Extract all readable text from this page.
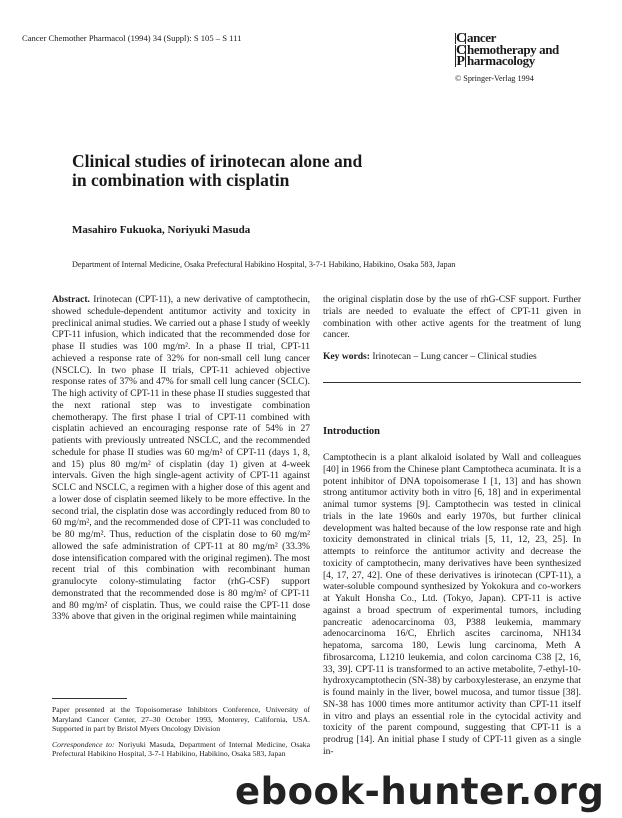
Cancer Chemother Pharmacol (1994) 34 (Suppl): S 105 – S 111	Cancer
Chemotherapy and
P harmacology
© Springer-Verlag 1994
Clinical studies of irinotecan alone and in combination with cisplatin
Masahiro Fukuoka, Noriyuki Masuda
Department of Internal Medicine, Osaka Prefectural Habikino Hospital, 3-7-1 Habikino, Habikino, Osaka 583, Japan

Abstract. Irinotecan (CPT-11), a new derivative of camptothecin, showed schedule-dependent antitumor activity and toxicity in preclinical animal studies. We carried out a phase I study of weekly CPT-11 infusion, which indicated that the recommended dose for phase II studies was 100 mg/m². In a phase II trial, CPT-11 achieved a response rate of 32% for non-small cell lung cancer (NSCLC). In two phase II trials, CPT-11 achieved objective response rates of 37% and 47% for small cell lung cancer (SCLC). The high activity of CPT-11 in these phase II studies suggested that the next rational step was to investigate combination chemotherapy. The first phase I trial of CPT-11 combined with cisplatin achieved an encouraging response rate of 54% in 27 patients with previously untreated NSCLC, and the recommended schedule for phase II studies was 60 mg/m² of CPT-11 (days 1, 8, and 15) plus 80 mg/m² of cisplatin (day 1) given at 4-week intervals. Given the high single-agent activity of CPT-11 against SCLC and NSCLC, a regimen with a higher dose of this agent and a lower dose of cisplatin seemed likely to be more effective. In the second trial, the cisplatin dose was accordingly reduced from 80 to 60 mg/m², and the recommended dose of CPT-11 was concluded to be 80 mg/m². Thus, reduction of the cisplatin dose to 60 mg/m² allowed the safe administration of CPT-11 at 80 mg/m² (33.3% dose intensification compared with the original regimen). The most recent trial of this combination with recombinant human granulocyte colony-stimulating factor (rhG-CSF) support demonstrated that the recommended dose is 80 mg/m² of CPT-11 and 80 mg/m² of cisplatin. Thus, we could raise the CPT-11 dose 33% above that given in the original regimen while maintaining

the original cisplatin dose by the use of rhG-CSF support. Further trials are needed to evaluate the effect of CPT-11 given in combination with other active agents for the treatment of lung cancer.

Key words: Irinotecan – Lung cancer – Clinical studies

Introduction

Camptothecin is a plant alkaloid isolated by Wall and colleagues [40] in 1966 from the Chinese plant Camptotheca acuminata. It is a potent inhibitor of DNA topoisomerase I [1, 13] and has shown strong antitumor activity both in vitro [6, 18] and in experimental animal tumor systems [9]. Camptothecin was tested in clinical trials in the late 1960s and early 1970s, but further clinical development was halted because of the low response rate and high toxicity demonstrated in clinical trials [5, 11, 12, 23, 25]. In attempts to reinforce the antitumor activity and decrease the toxicity of camptothecin, many derivatives have been synthesized [4, 17, 27, 42]. One of these derivatives is irinotecan (CPT-11), a water-soluble compound synthesized by Yokokura and co-workers at Yakult Honsha Co., Ltd. (Tokyo, Japan). CPT-11 is active against a broad spectrum of experimental tumors, including pancreatic adenocarcinoma 03, P388 leukemia, mammary adenocarcinoma 16/C, Ehrlich ascites carcinoma, NH134 hepatoma, sarcoma 180, Lewis lung carcinoma, Meth A fibrosarcoma, L1210 leukemia, and colon carcinoma C38 [2, 16, 33, 39]. CPT-11 is transformed to an active metabolite, 7-ethyl-10-hydroxycamptothecin (SN-38) by carboxylesterase, an enzyme that is found mainly in the liver, bowel mucosa, and tumor tissue [38]. SN-38 has 1000 times more antitumor activity than CPT-11 itself in vitro and plays an essential role in the cytocidal activity and toxicity of the parent compound, suggesting that CPT-11 is a prodrug [14]. An initial phase I study of CPT-11 given as a single in-

Paper presented at the Topoisomerase Inhibitors Conference, University of Maryland Cancer Center, 27–30 October 1993, Monterey, California, USA. Supported in part by Bristol Myers Oncology Division

Correspondence to: Noriyuki Masuda, Department of Internal Medicine, Osaka Prefectural Habikino Hospital, 3-7-1 Habikino, Habikino, Osaka 583, Japan

ebook-hunter.org
